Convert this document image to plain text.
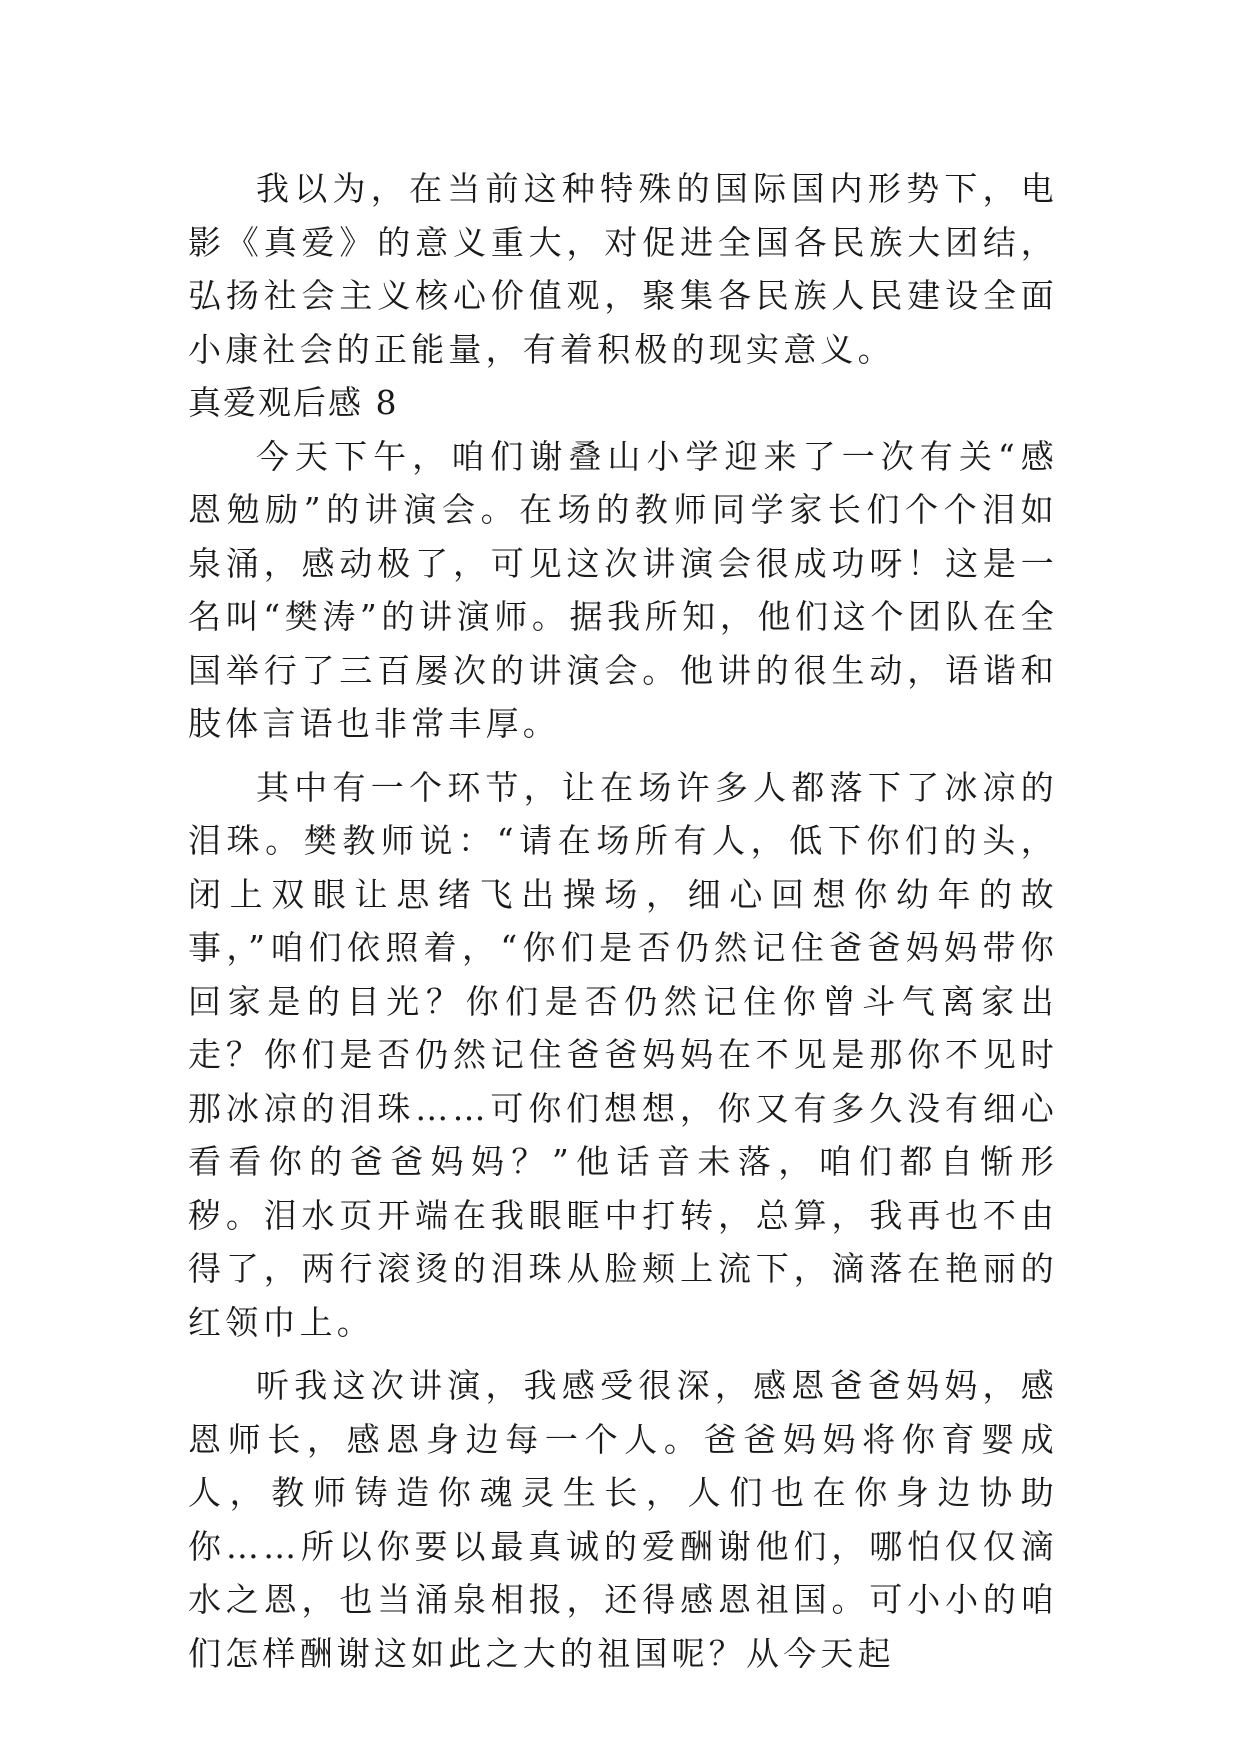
我以为，在当前这种特殊的国际国内形势下，电影《真爱》的意义重大，对促进全国各民族大团结，弘扬社会主义核心价值观，聚集各民族人民建设全面小康社会的正能量，有着积极的现实意义。

真爱观后感 8

今天下午，咱们谢叠山小学迎来了一次有关“感恩勉励”的讲演会。在场的教师同学家长们个个泪如泉涌，感动极了，可见这次讲演会很成功呀！这是一名叫“樊涛”的讲演师。据我所知，他们这个团队在全国举行了三百屡次的讲演会。他讲的很生动，语谐和肢体言语也非常丰厚。

其中有一个环节，让在场许多人都落下了冰凉的泪珠。樊教师说：“请在场所有人，低下你们的头，闭上双眼让思绪飞出操场，细心回想你幼年的故事，”咱们依照着，“你们是否仍然记住爸爸妈妈带你回家是的目光？你们是否仍然记住你曾斗气离家出走？你们是否仍然记住爸爸妈妈在不见是那你不见时那冰凉的泪珠……可你们想想，你又有多久没有细心看看你的爸爸妈妈？”他话音未落，咱们都自惭形秽。泪水页开端在我眼眶中打转，总算，我再也不由得了，两行滚烫的泪珠从脸颊上流下，滴落在艳丽的红领巾上。

听我这次讲演，我感受很深，感恩爸爸妈妈，感恩师长，感恩身边每一个人。爸爸妈妈将你育婴成人，教师铸造你魂灵生长，人们也在你身边协助你……所以你要以最真诚的爱酬谢他们，哪怕仅仅滴水之恩，也当涌泉相报，还得感恩祖国。可小小的咱们怎样酬谢这如此之大的祖国呢？从今天起
